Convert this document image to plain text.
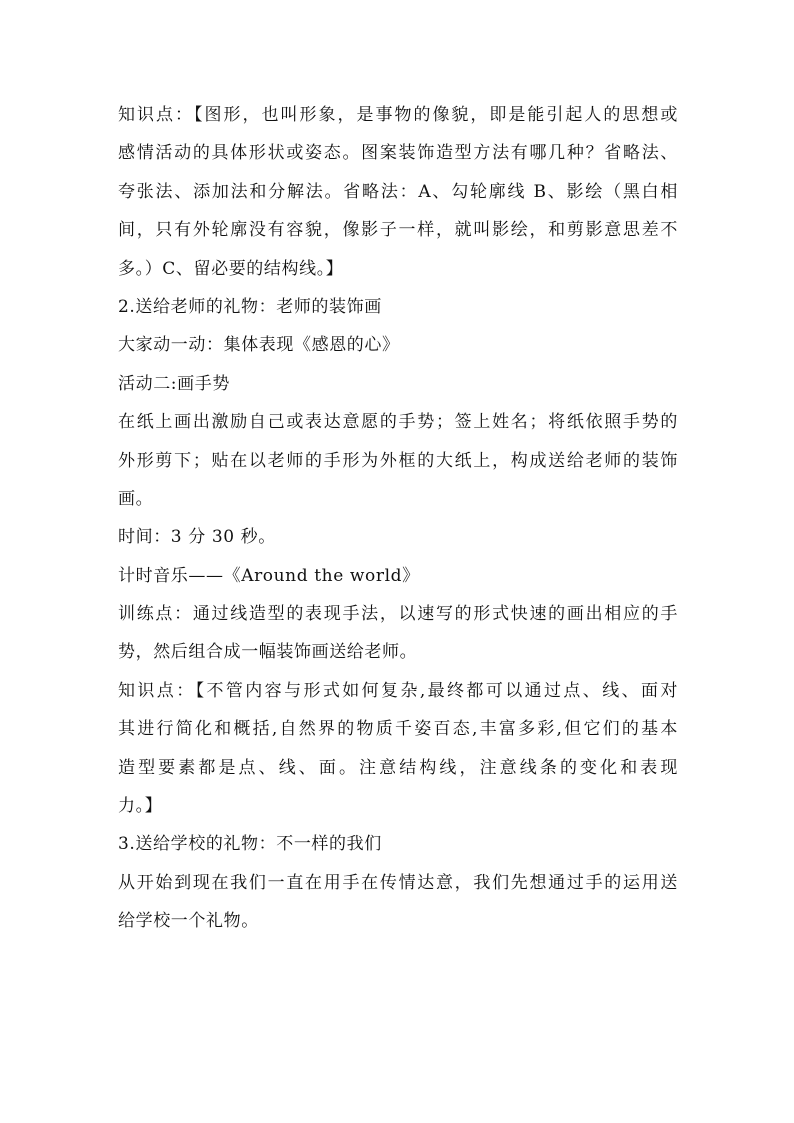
知识点：【图形，也叫形象，是事物的像貌，即是能引起人的思想或
感情活动的具体形状或姿态。图案装饰造型方法有哪几种？省略法、
夸张法、添加法和分解法。省略法：A、勾轮廓线 B、影绘（黑白相
间，只有外轮廓没有容貌，像影子一样，就叫影绘，和剪影意思差不
多。）C、留必要的结构线。】
2.送给老师的礼物：老师的装饰画
大家动一动：集体表现《感恩的心》
活动二:画手势
在纸上画出激励自己或表达意愿的手势；签上姓名；将纸依照手势的
外形剪下；贴在以老师的手形为外框的大纸上，构成送给老师的装饰
画。
时间：3 分 30 秒。
计时音乐——《Around the world》
训练点：通过线造型的表现手法，以速写的形式快速的画出相应的手
势，然后组合成一幅装饰画送给老师。
知识点：【不管内容与形式如何复杂,最终都可以通过点、线、面对
其进行简化和概括,自然界的物质千姿百态,丰富多彩,但它们的基本
造型要素都是点、线、面。注意结构线，注意线条的变化和表现
力。】
3.送给学校的礼物：不一样的我们
从开始到现在我们一直在用手在传情达意，我们先想通过手的运用送
给学校一个礼物。
